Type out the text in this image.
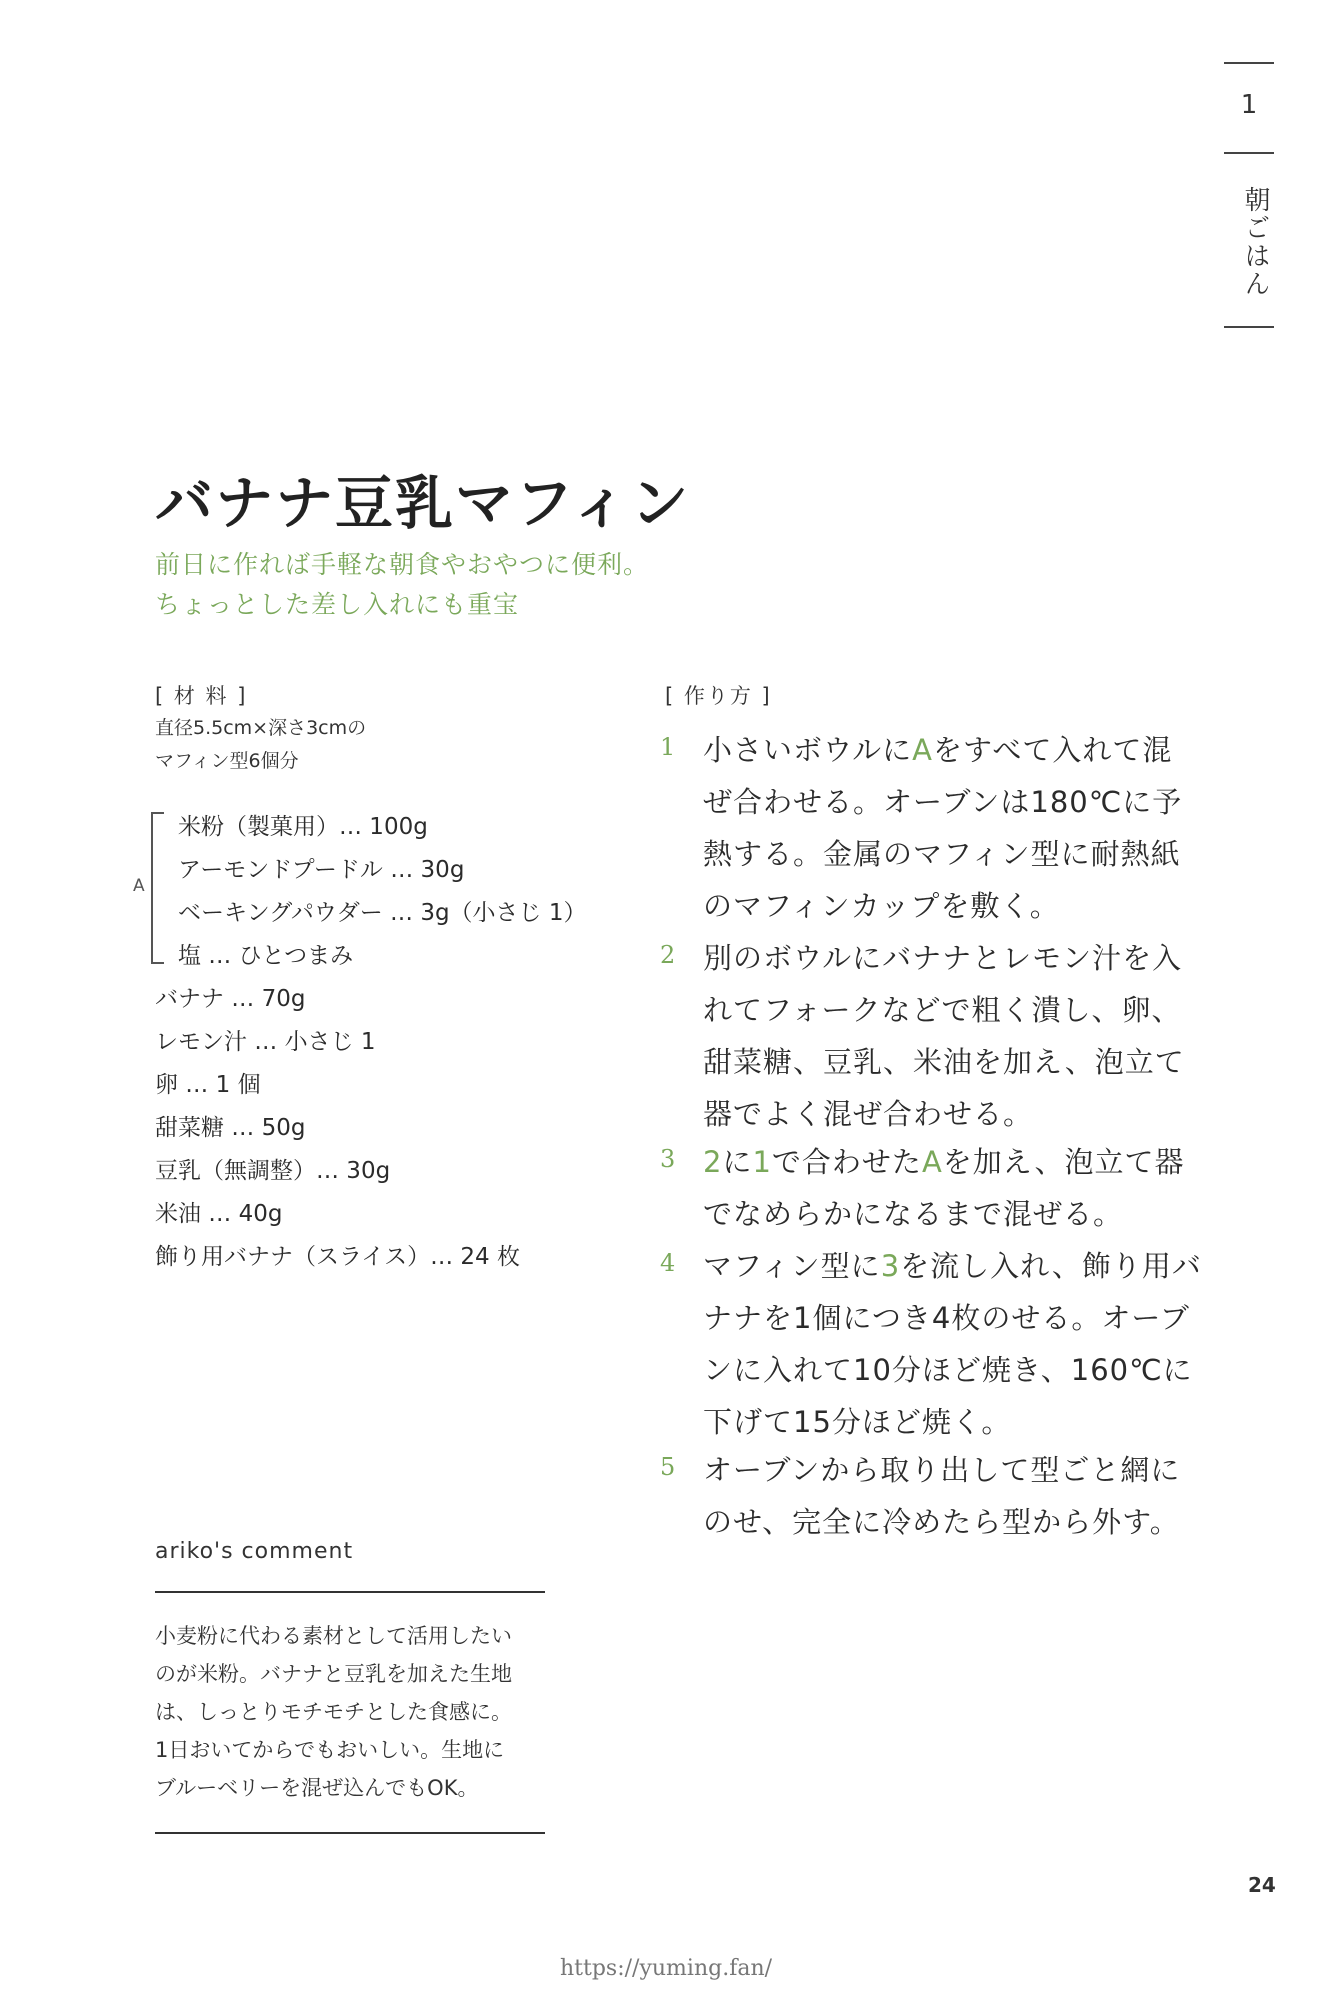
1
朝ごはん
バナナ豆乳マフィン
前日に作れば手軽な朝食やおやつに便利。
ちょっとした差し入れにも重宝
[ 材 料 ]
直径5.5cm×深さ3cmの
マフィン型6個分
A
米粉（製菓用）… 100g
アーモンドプードル … 30g
ベーキングパウダー … 3g（小さじ 1）
塩 … ひとつまみ
バナナ … 70g
レモン汁 … 小さじ 1
卵 … 1 個
甜菜糖 … 50g
豆乳（無調整）… 30g
米油 … 40g
飾り用バナナ（スライス）… 24 枚
[ 作り方 ]
1 小さいボウルにAをすべて入れて混
ぜ合わせる。オーブンは180℃に予
熱する。金属のマフィン型に耐熱紙
のマフィンカップを敷く。
2 別のボウルにバナナとレモン汁を入
れてフォークなどで粗く潰し、卵、
甜菜糖、豆乳、米油を加え、泡立て
器でよく混ぜ合わせる。
3 2に1で合わせたAを加え、泡立て器
でなめらかになるまで混ぜる。
4 マフィン型に3を流し入れ、飾り用バ
ナナを1個につき4枚のせる。オーブ
ンに入れて10分ほど焼き、160℃に
下げて15分ほど焼く。
5 オーブンから取り出して型ごと網に
のせ、完全に冷めたら型から外す。
ariko's comment
小麦粉に代わる素材として活用したい
のが米粉。バナナと豆乳を加えた生地
は、しっとりモチモチとした食感に。
1日おいてからでもおいしい。生地に
ブルーベリーを混ぜ込んでもOK。
24
https://yuming.fan/
